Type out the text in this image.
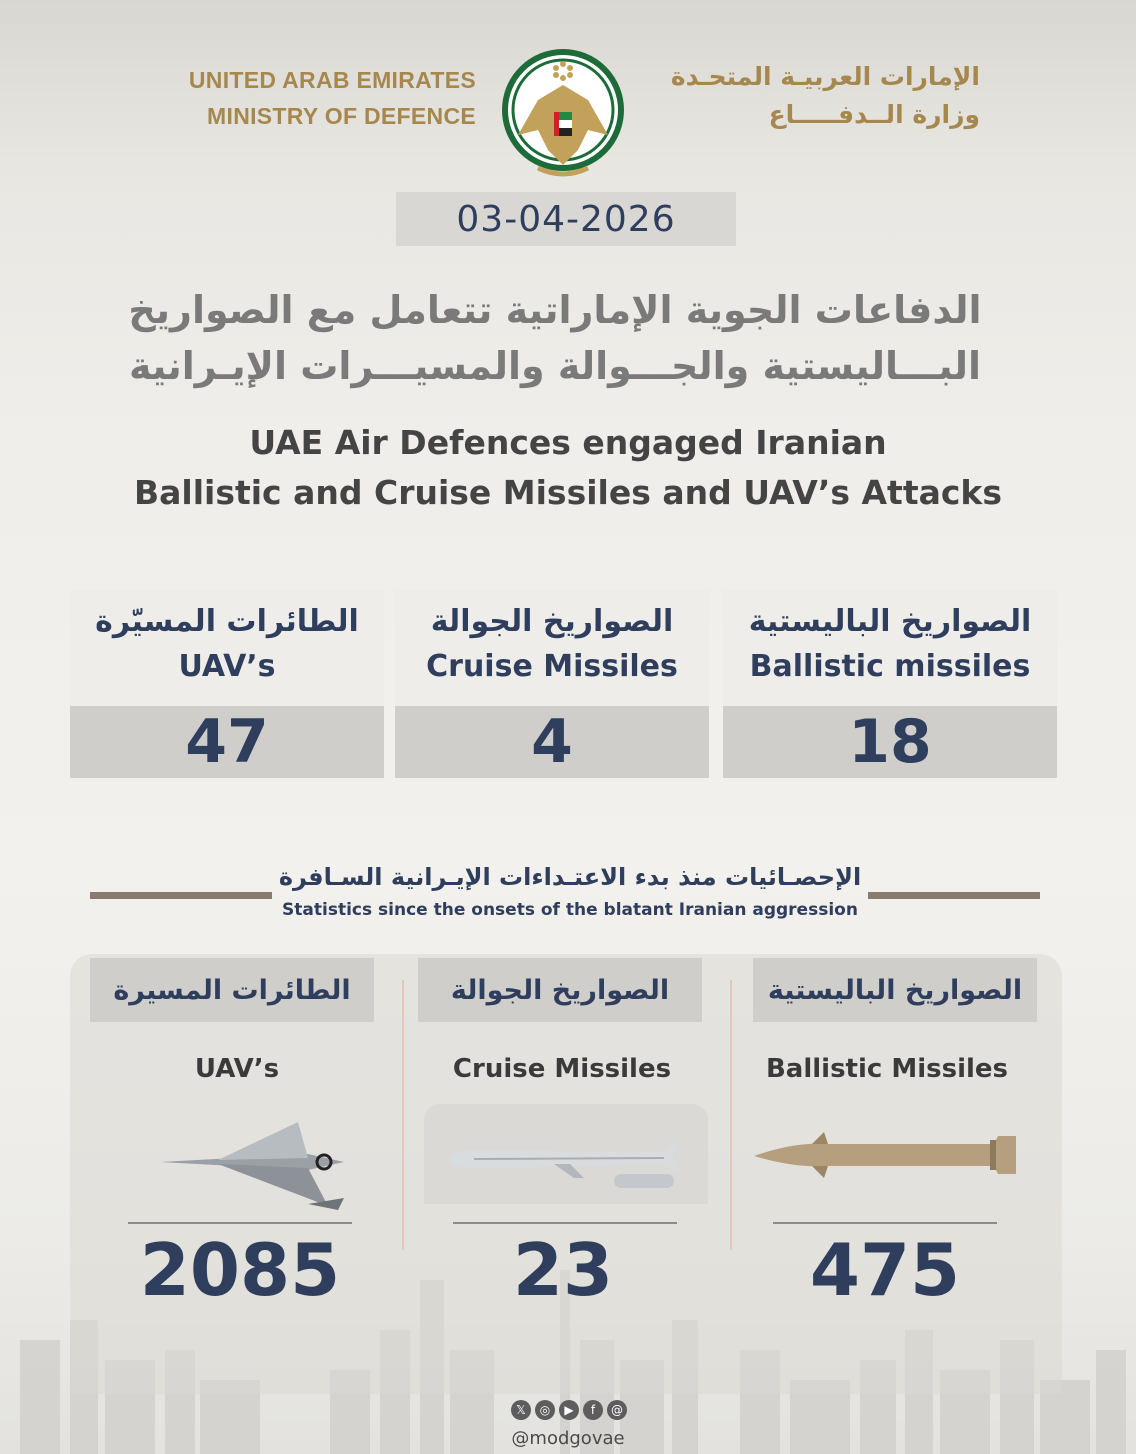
UNITED ARAB EMIRATES
MINISTRY OF DEFENCE
الإمارات العربيـة المتحـدة
وزارة الــدفـــــاع
03-04-2026
الدفاعات الجوية الإماراتية تتعامل مع الصواريخ
البـــاليستية والجـــوالة والمسيـــرات الإيـرانية
UAE Air Defences engaged Iranian
Ballistic and Cruise Missiles and UAV’s Attacks
الطائرات المسيّرة
UAV’s
47
الصواريخ الجوالة
Cruise Missiles
4
الصواريخ الباليستية
Ballistic missiles
18
الإحصـائيات منذ بدء الاعتـداءات الإيـرانية السـافرة
Statistics since the onsets of the blatant Iranian aggression
الطائرات المسيرة	الصواريخ الجوالة	الصواريخ الباليستية
UAV’s	Cruise Missiles	Ballistic Missiles
2085	23	475
𝕏	◎	▶	f	@
@modgovae
